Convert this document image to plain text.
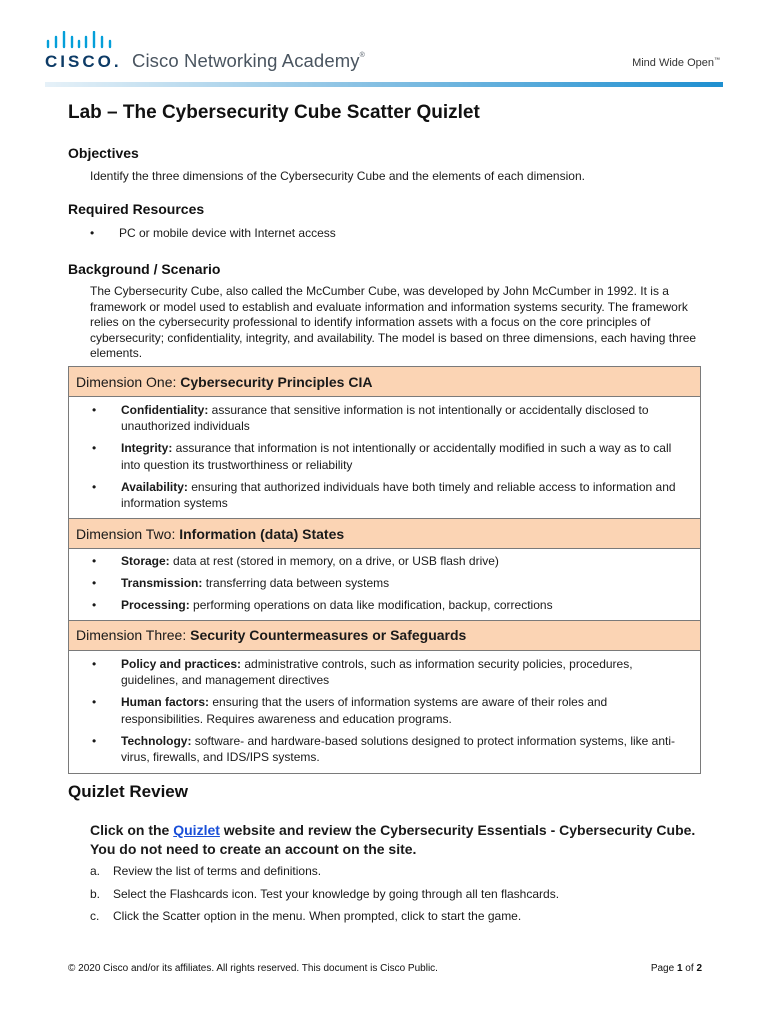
CISCO. Cisco Networking Academy®
Mind Wide Open™
Lab – The Cybersecurity Cube Scatter Quizlet
Objectives
Identify the three dimensions of the Cybersecurity Cube and the elements of each dimension.
Required Resources
• PC or mobile device with Internet access
Background / Scenario
The Cybersecurity Cube, also called the McCumber Cube, was developed by John McCumber in 1992. It is a framework or model used to establish and evaluate information and information systems security. The framework relies on the cybersecurity professional to identify information assets with a focus on the core principles of cybersecurity; confidentiality, integrity, and availability. The model is based on three dimensions, each having three elements.
Dimension One: Cybersecurity Principles CIA

• Confidentiality: assurance that sensitive information is not intentionally or accidentally disclosed to unauthorized individuals
• Integrity: assurance that information is not intentionally or accidentally modified in such a way as to call into question its trustworthiness or reliability
• Availability: ensuring that authorized individuals have both timely and reliable access to information and information systems

Dimension Two: Information (data) States

• Storage: data at rest (stored in memory, on a drive, or USB flash drive)
• Transmission: transferring data between systems
• Processing: performing operations on data like modification, backup, corrections

Dimension Three: Security Countermeasures or Safeguards

• Policy and practices: administrative controls, such as information security policies, procedures, guidelines, and management directives
• Human factors: ensuring that the users of information systems are aware of their roles and responsibilities. Requires awareness and education programs.
• Technology: software- and hardware-based solutions designed to protect information systems, like anti-virus, firewalls, and IDS/IPS systems.
Quizlet Review
Click on the Quizlet website and review the Cybersecurity Essentials - Cybersecurity Cube. You do not need to create an account on the site.
a. Review the list of terms and definitions.
b. Select the Flashcards icon. Test your knowledge by going through all ten flashcards.
c. Click the Scatter option in the menu. When prompted, click to start the game.
© 2020 Cisco and/or its affiliates. All rights reserved. This document is Cisco Public.	Page 1 of 2
